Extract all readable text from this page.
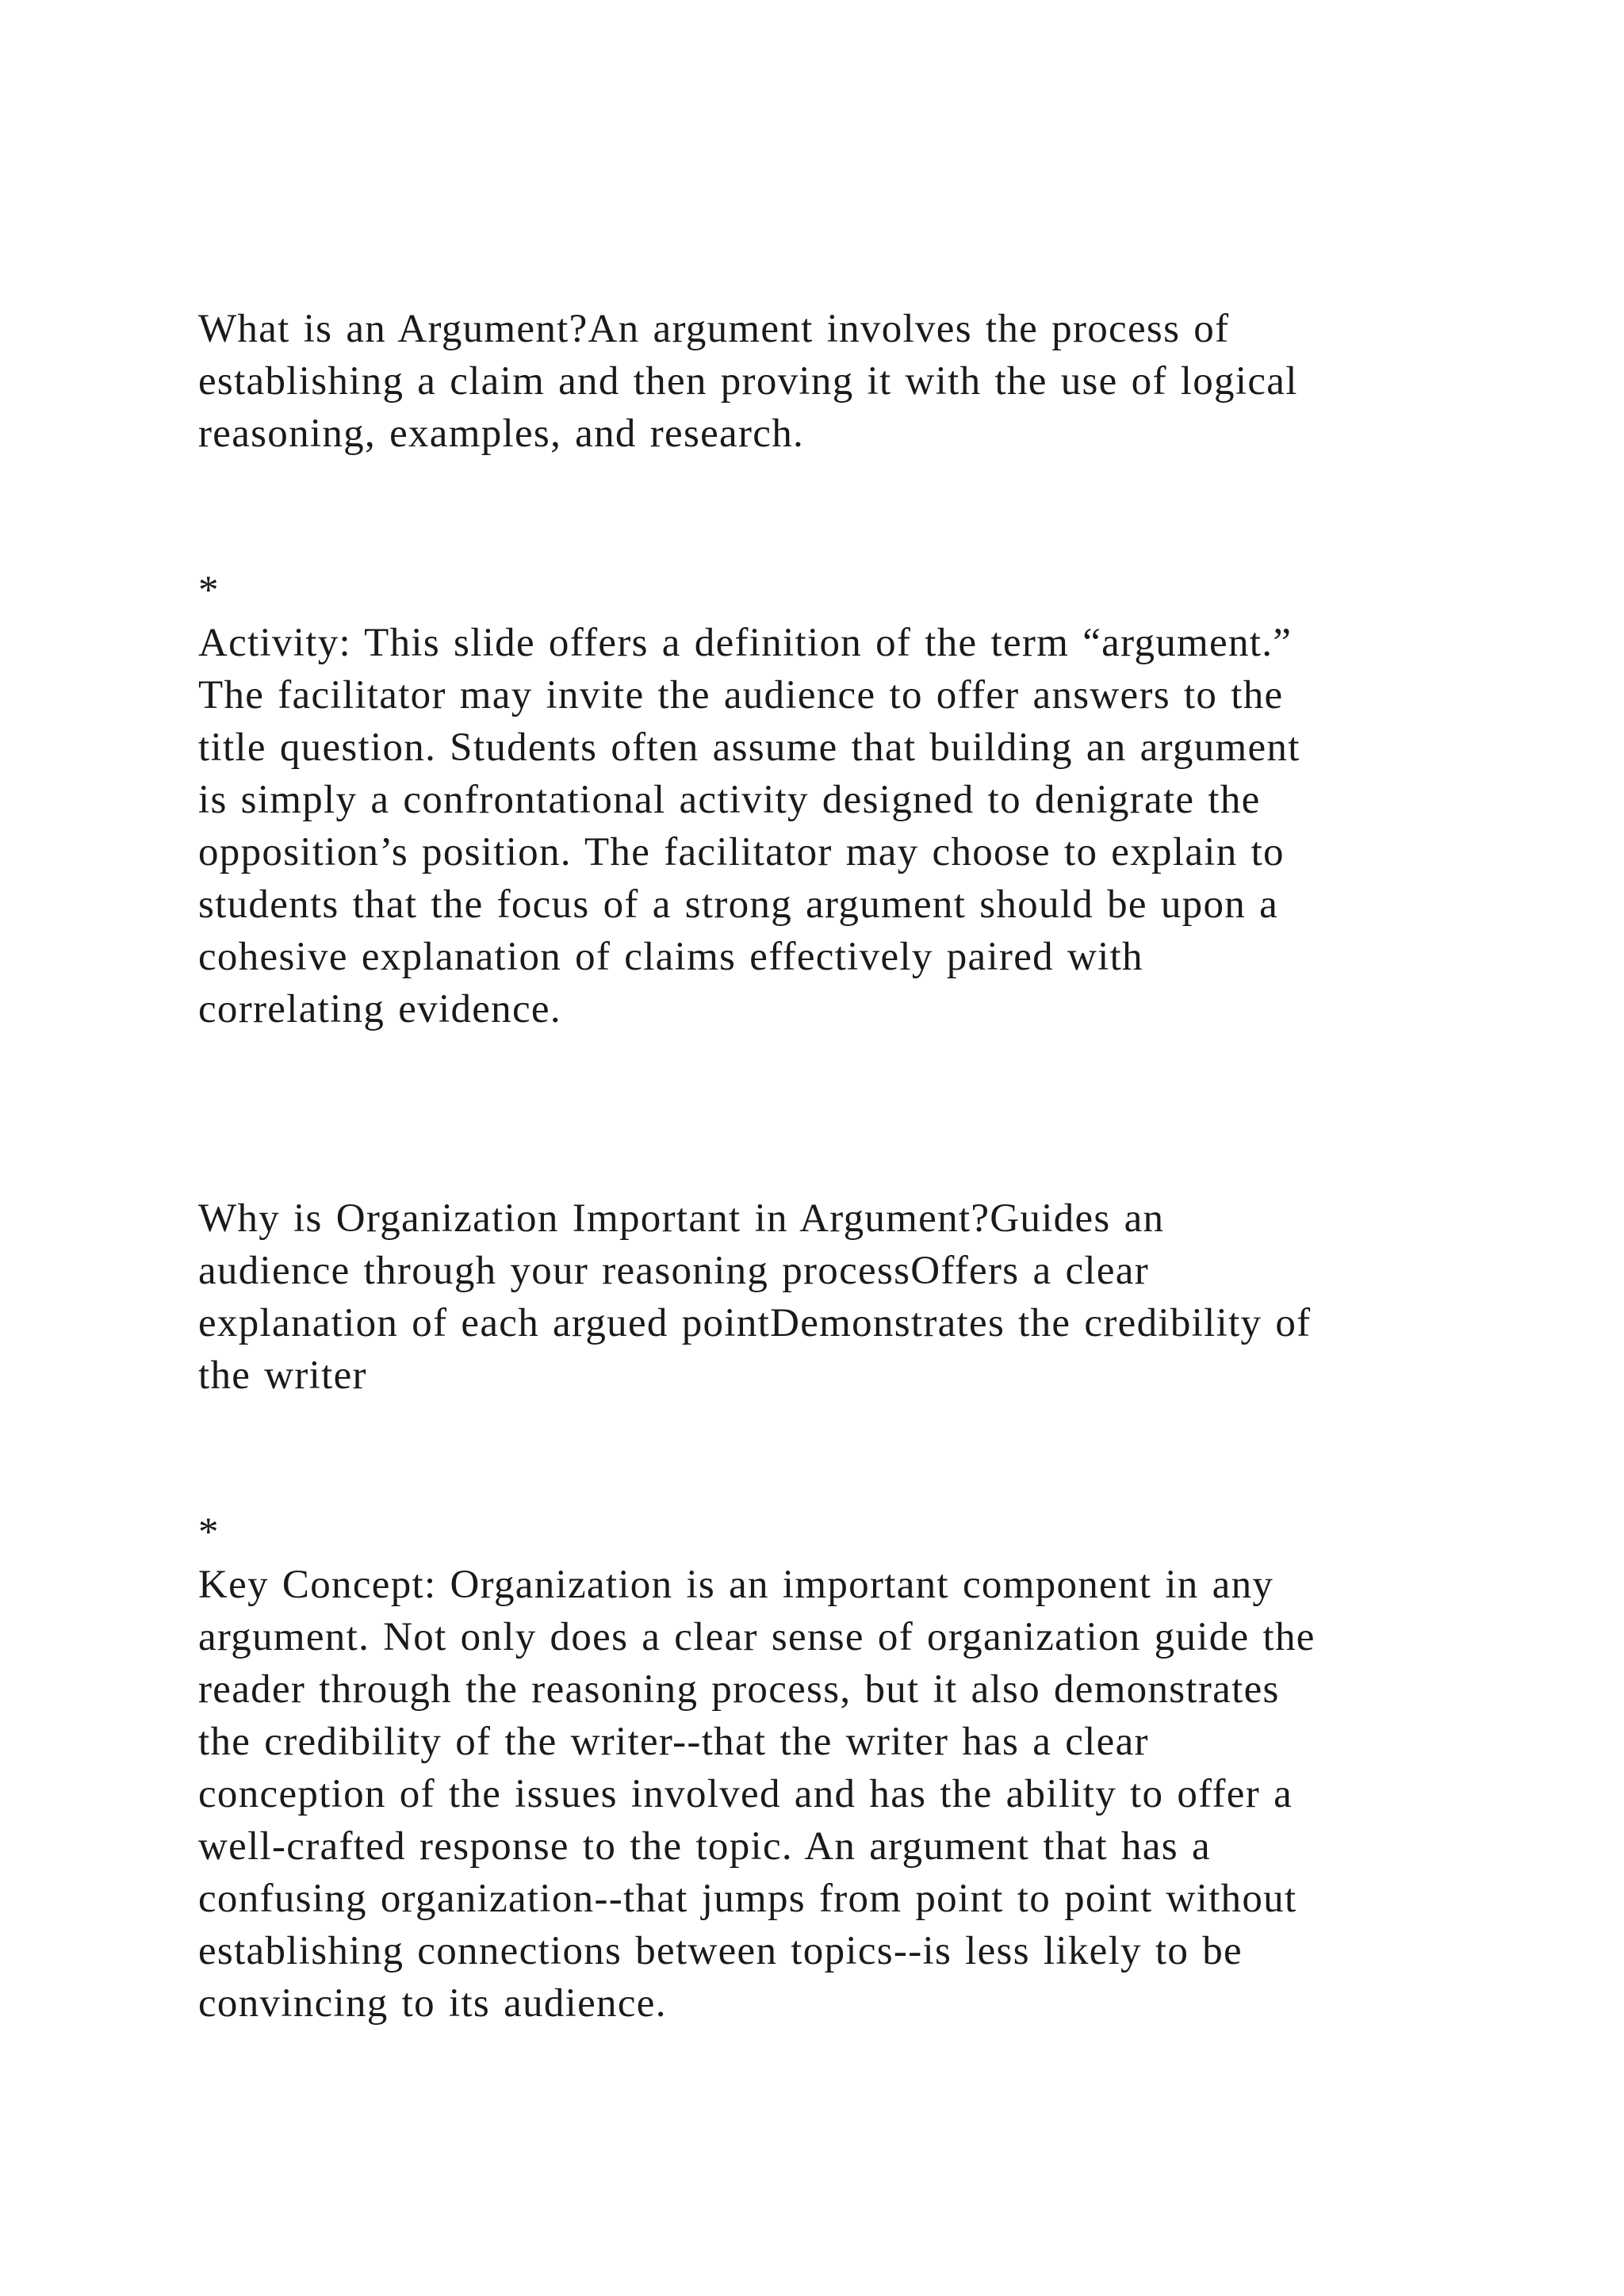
What is an Argument?An argument involves the process of
establishing a claim and then proving it with the use of logical
reasoning, examples, and research.
*
Activity: This slide offers a definition of the term “argument.”
The facilitator may invite the audience to offer answers to the
title question. Students often assume that building an argument
is simply a confrontational activity designed to denigrate the
opposition’s position. The facilitator may choose to explain to
students that the focus of a strong argument should be upon a
cohesive explanation of claims effectively paired with
correlating evidence.
Why is Organization Important in Argument?Guides an
audience through your reasoning processOffers a clear
explanation of each argued pointDemonstrates the credibility of
the writer
*
Key Concept: Organization is an important component in any
argument. Not only does a clear sense of organization guide the
reader through the reasoning process, but it also demonstrates
the credibility of the writer--that the writer has a clear
conception of the issues involved and has the ability to offer a
well-crafted response to the topic. An argument that has a
confusing organization--that jumps from point to point without
establishing connections between topics--is less likely to be
convincing to its audience.
